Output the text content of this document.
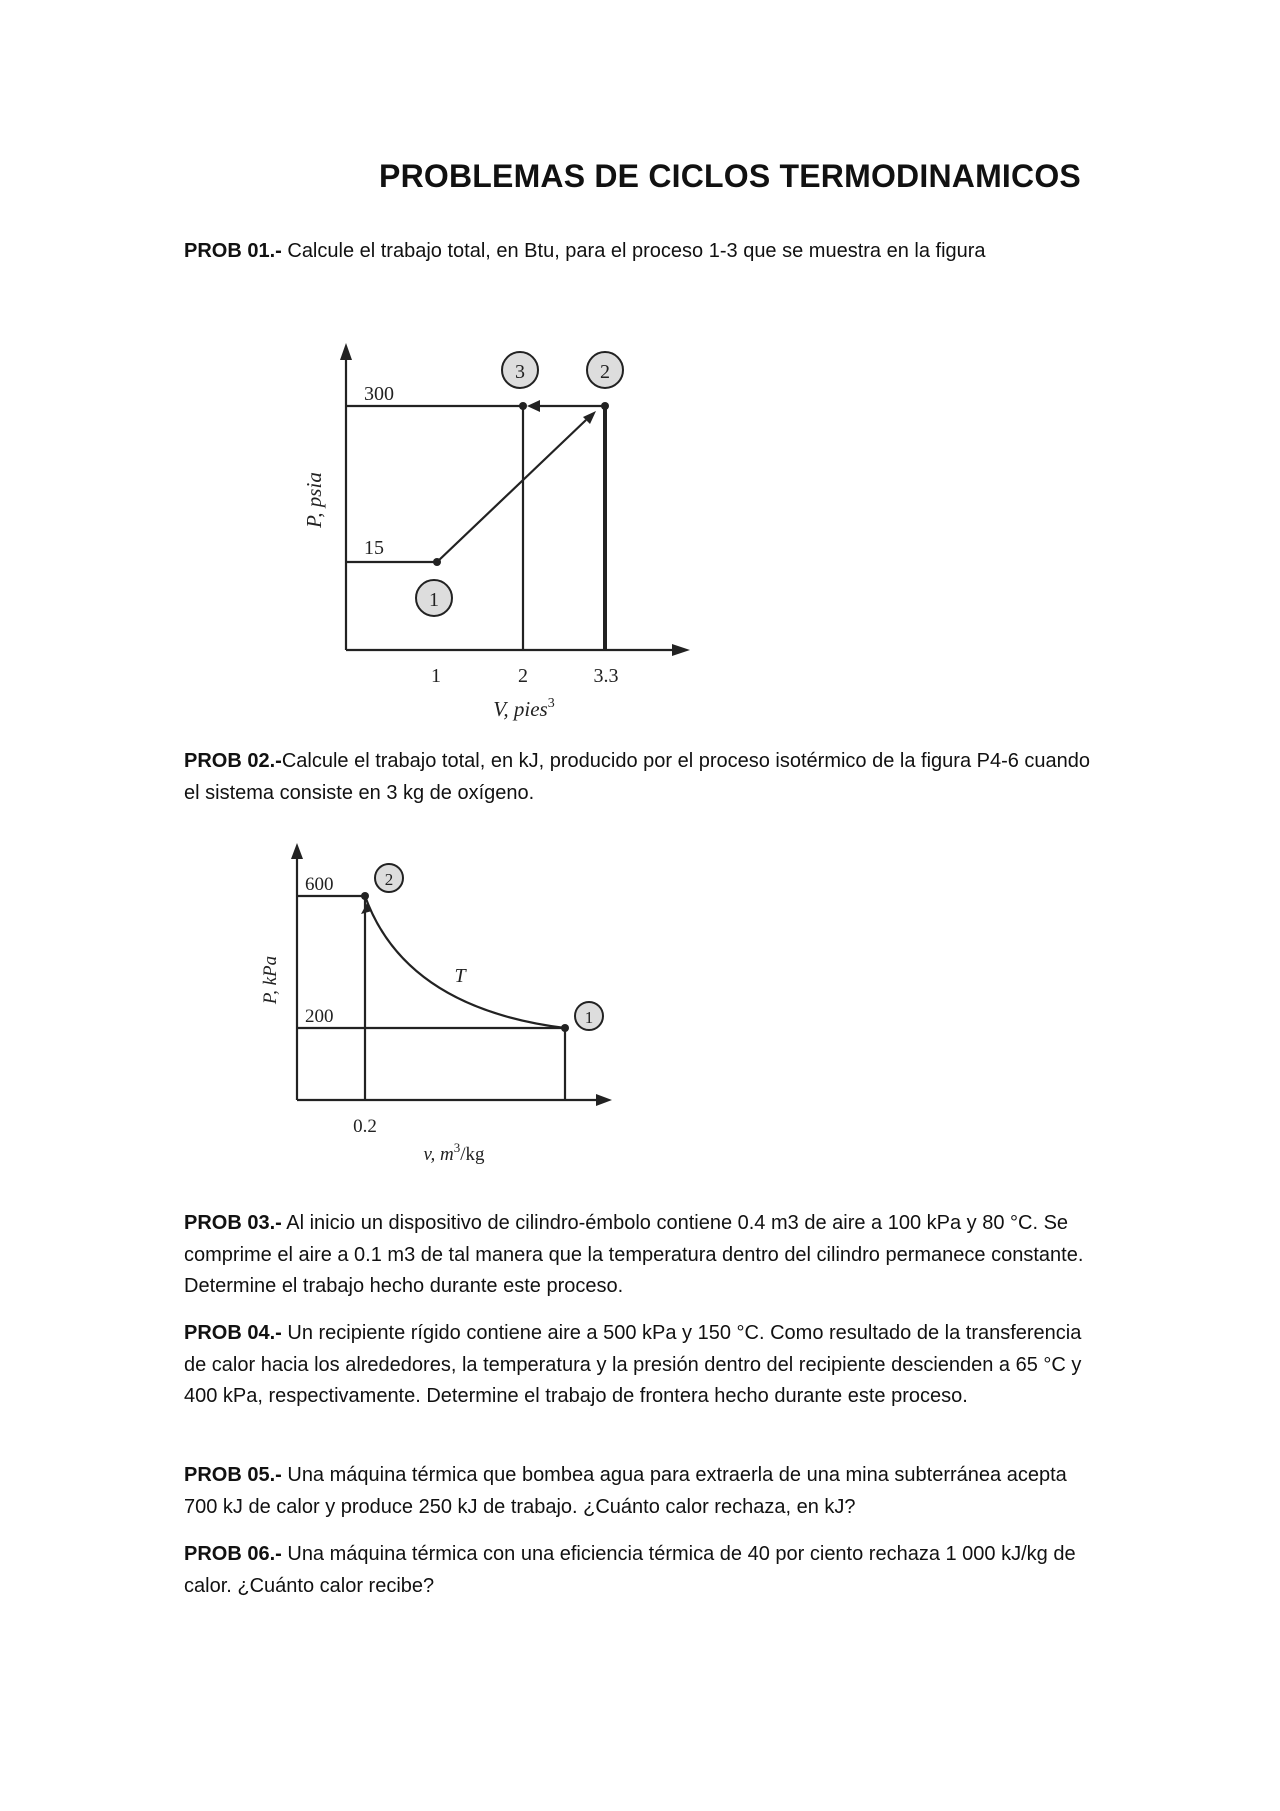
PROBLEMAS DE CICLOS TERMODINAMICOS
PROB 01.- Calcule el trabajo total, en Btu, para el proceso 1-3 que se muestra en la figura
1
3	2
300
15
1	2	3.3
P, psia
V, pies$^3$
PROB 02.-Calcule el trabajo total, en kJ, producido por el proceso isotérmico de la figura P4-6 cuando el sistema consiste en 3 kg de oxígeno.
2
1
600
200
0.2
T
P, kPa
v, $m^3/kg$
PROB 03.- Al inicio un dispositivo de cilindro-émbolo contiene 0.4 m3 de aire a 100 kPa y 80 °C. Se comprime el aire a 0.1 m3 de tal manera que la temperatura dentro del cilindro permanece constante. Determine el trabajo hecho durante este proceso.
PROB 04.- Un recipiente rígido contiene aire a 500 kPa y 150 °C. Como resultado de la transferencia de calor hacia los alrededores, la temperatura y la presión dentro del recipiente descienden a 65 °C y 400 kPa, respectivamente. Determine el trabajo de frontera hecho durante este proceso.
PROB 05.- Una máquina térmica que bombea agua para extraerla de una mina subterránea acepta 700 kJ de calor y produce 250 kJ de trabajo. ¿Cuánto calor rechaza, en kJ?
PROB 06.- Una máquina térmica con una eficiencia térmica de 40 por ciento rechaza 1 000 kJ/kg de calor. ¿Cuánto calor recibe?
